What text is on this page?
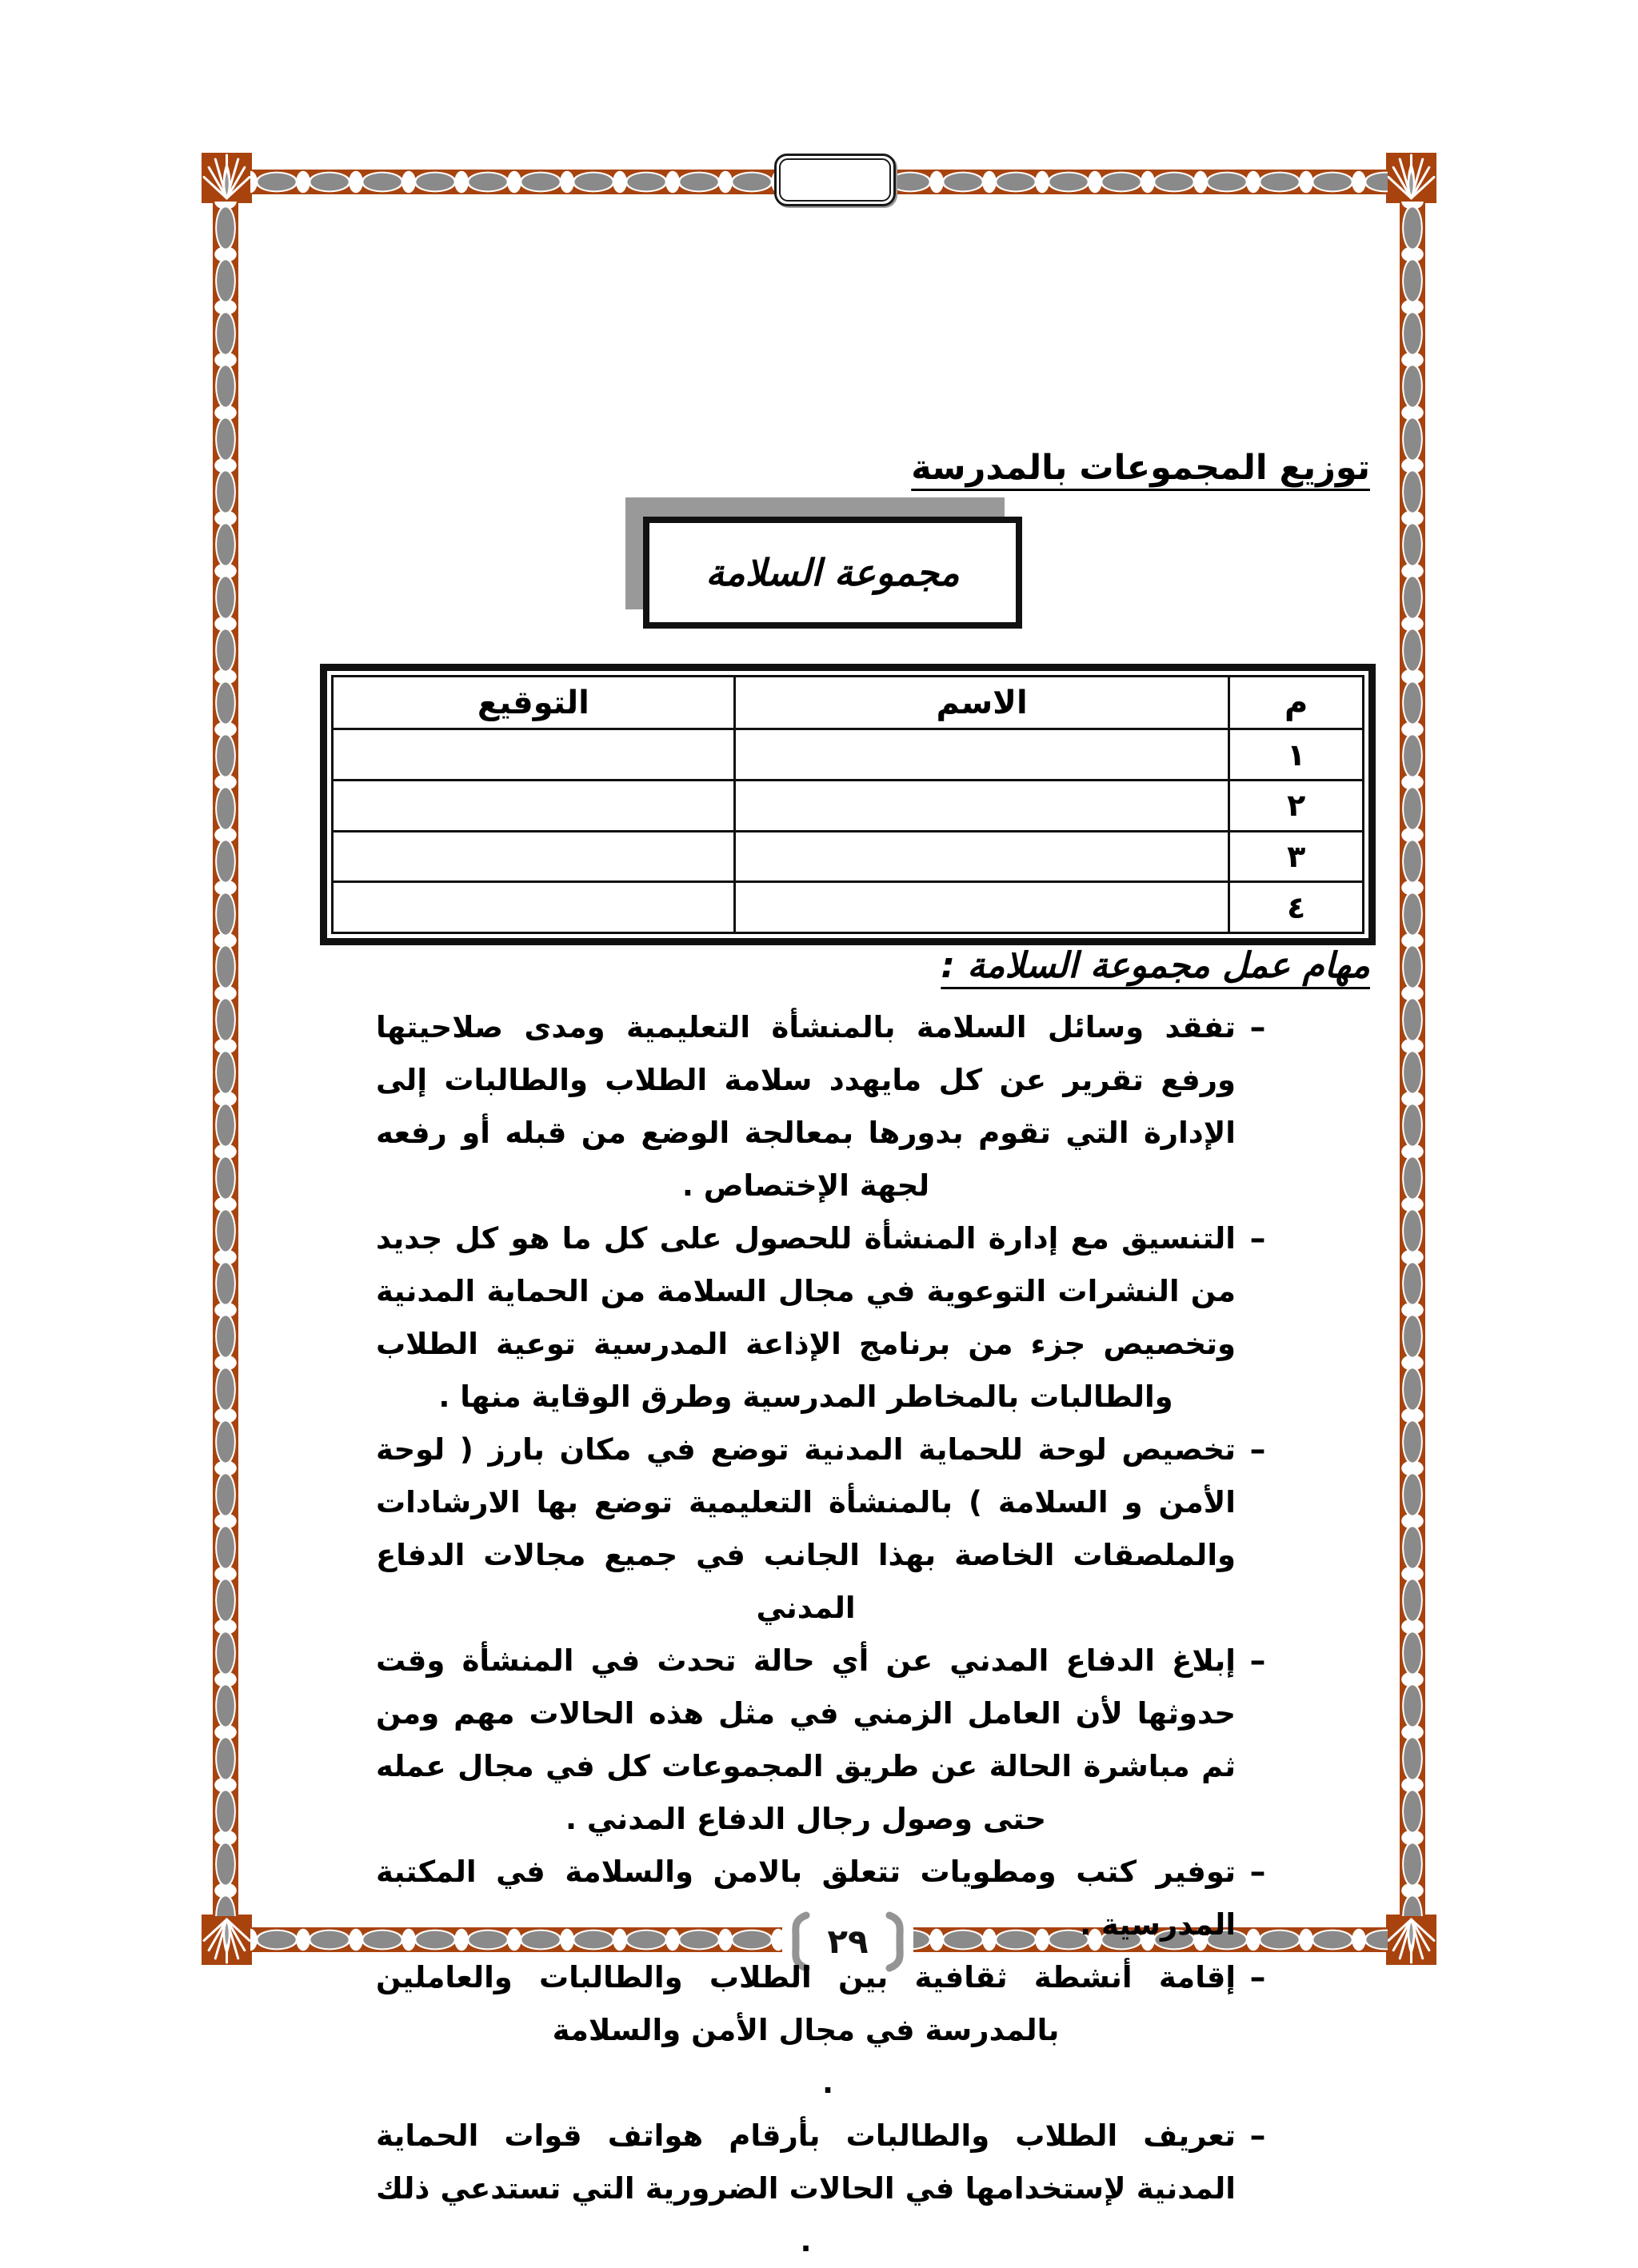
٢٩
توزيع المجموعات بالمدرسة
مجموعة السلامة
م	الاسم	التوقيع
١		
٢		
٣		
٤		
مهام عمل مجموعة السلامة :
–
تفقد وسائل السلامة بالمنشأة التعليمية ومدى صلاحيتها ورفع تقرير عن كل مايهدد سلامة الطلاب والطالبات إلى الإدارة التي تقوم بدورها بمعالجة الوضع من قبله أو رفعه لجهة الإختصاص .
–
التنسيق مع إدارة المنشأة للحصول على كل ما هو كل جديد من النشرات التوعوية في مجال السلامة من الحماية المدنية وتخصيص جزء من برنامج الإذاعة المدرسية توعية الطلاب والطالبات بالمخاطر المدرسية وطرق الوقاية منها .
–
تخصيص لوحة للحماية المدنية توضع في مكان بارز ( لوحة الأمن و السلامة ) بالمنشأة التعليمية توضع بها الارشادات والملصقات الخاصة بهذا الجانب في جميع مجالات الدفاع المدني
–
إبلاغ الدفاع المدني عن أي حالة تحدث في المنشأة وقت حدوثها لأن العامل الزمني في مثل هذه الحالات مهم ومن ثم مباشرة الحالة عن طريق المجموعات كل في مجال عمله حتى وصول رجال الدفاع المدني .
–
توفير كتب ومطويات تتعلق بالامن والسلامة في المكتبة المدرسية .
–
إقامة أنشطة ثقافية بين الطلاب والطالبات والعاملين بالمدرسة في مجال الأمن والسلامة
.
–
تعريف الطلاب والطالبات بأرقام هواتف قوات الحماية المدنية لإستخدامها في الحالات الضرورية التي تستدعي ذلك .
